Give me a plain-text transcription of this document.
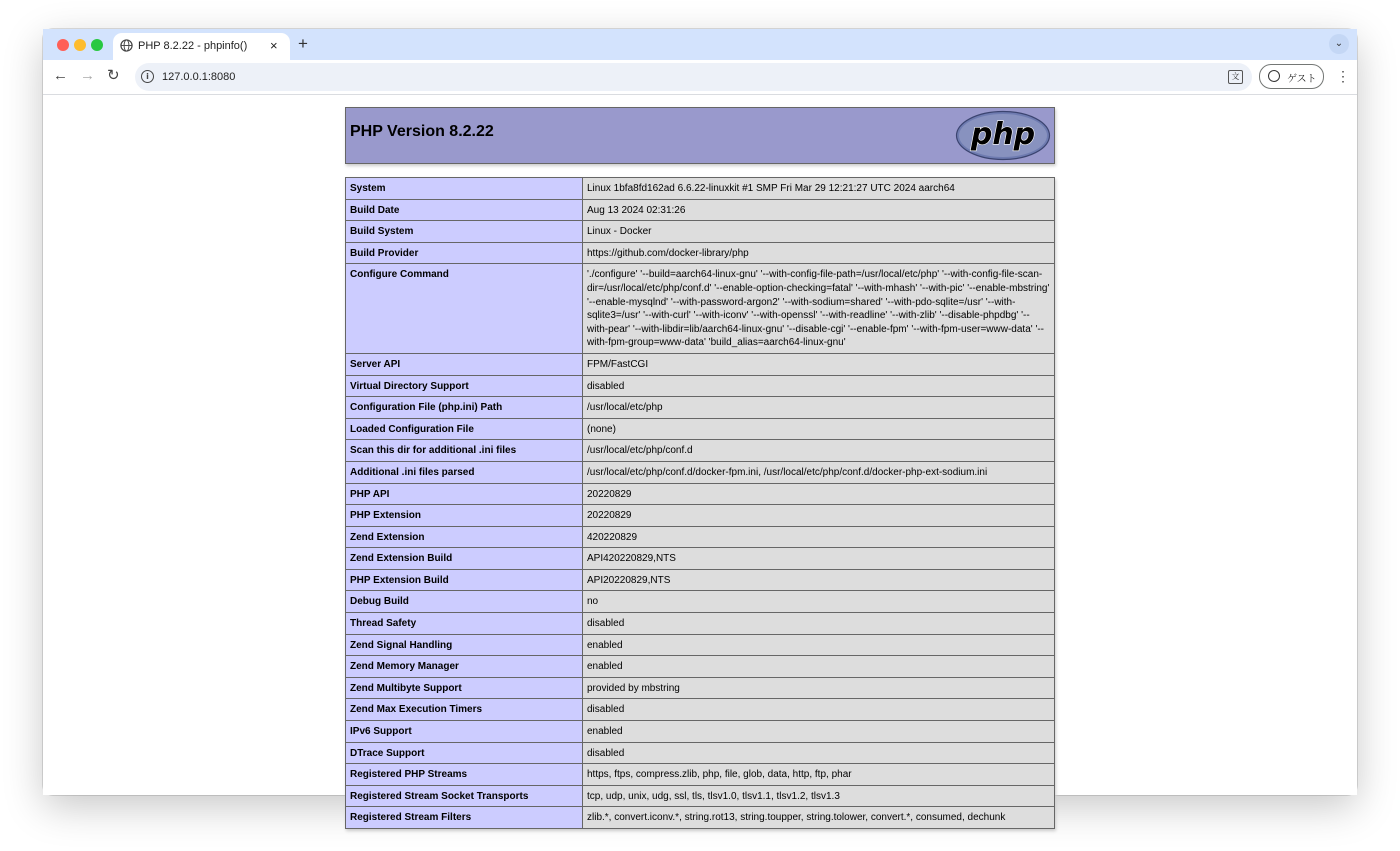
PHP 8.2.22 - phpinfo() × +	⌄
← → ↻	i	127.0.0.1:8080	文	ゲスト ⋮
PHP Version 8.2.22	php
System	Linux 1bfa8fd162ad 6.6.22-linuxkit #1 SMP Fri Mar 29 12:21:27 UTC 2024 aarch64
Build Date	Aug 13 2024 02:31:26
Build System	Linux - Docker
Build Provider	https://github.com/docker-library/php
Configure Command	'./configure' '--build=aarch64-linux-gnu' '--with-config-file-path=/usr/local/etc/php' '--with-config-file-scan-dir=/usr/local/etc/php/conf.d' '--enable-option-checking=fatal' '--with-mhash' '--with-pic' '--enable-mbstring' '--enable-mysqlnd' '--with-password-argon2' '--with-sodium=shared' '--with-pdo-sqlite=/usr' '--with-sqlite3=/usr' '--with-curl' '--with-iconv' '--with-openssl' '--with-readline' '--with-zlib' '--disable-phpdbg' '--with-pear' '--with-libdir=lib/aarch64-linux-gnu' '--disable-cgi' '--enable-fpm' '--with-fpm-user=www-data' '--with-fpm-group=www-data' 'build_alias=aarch64-linux-gnu'
Server API	FPM/FastCGI
Virtual Directory Support	disabled
Configuration File (php.ini) Path	/usr/local/etc/php
Loaded Configuration File	(none)
Scan this dir for additional .ini files	/usr/local/etc/php/conf.d
Additional .ini files parsed	/usr/local/etc/php/conf.d/docker-fpm.ini, /usr/local/etc/php/conf.d/docker-php-ext-sodium.ini
PHP API	20220829
PHP Extension	20220829
Zend Extension	420220829
Zend Extension Build	API420220829,NTS
PHP Extension Build	API20220829,NTS
Debug Build	no
Thread Safety	disabled
Zend Signal Handling	enabled
Zend Memory Manager	enabled
Zend Multibyte Support	provided by mbstring
Zend Max Execution Timers	disabled
IPv6 Support	enabled
DTrace Support	disabled
Registered PHP Streams	https, ftps, compress.zlib, php, file, glob, data, http, ftp, phar
Registered Stream Socket Transports	tcp, udp, unix, udg, ssl, tls, tlsv1.0, tlsv1.1, tlsv1.2, tlsv1.3
Registered Stream Filters	zlib.*, convert.iconv.*, string.rot13, string.toupper, string.tolower, convert.*, consumed, dechunk
